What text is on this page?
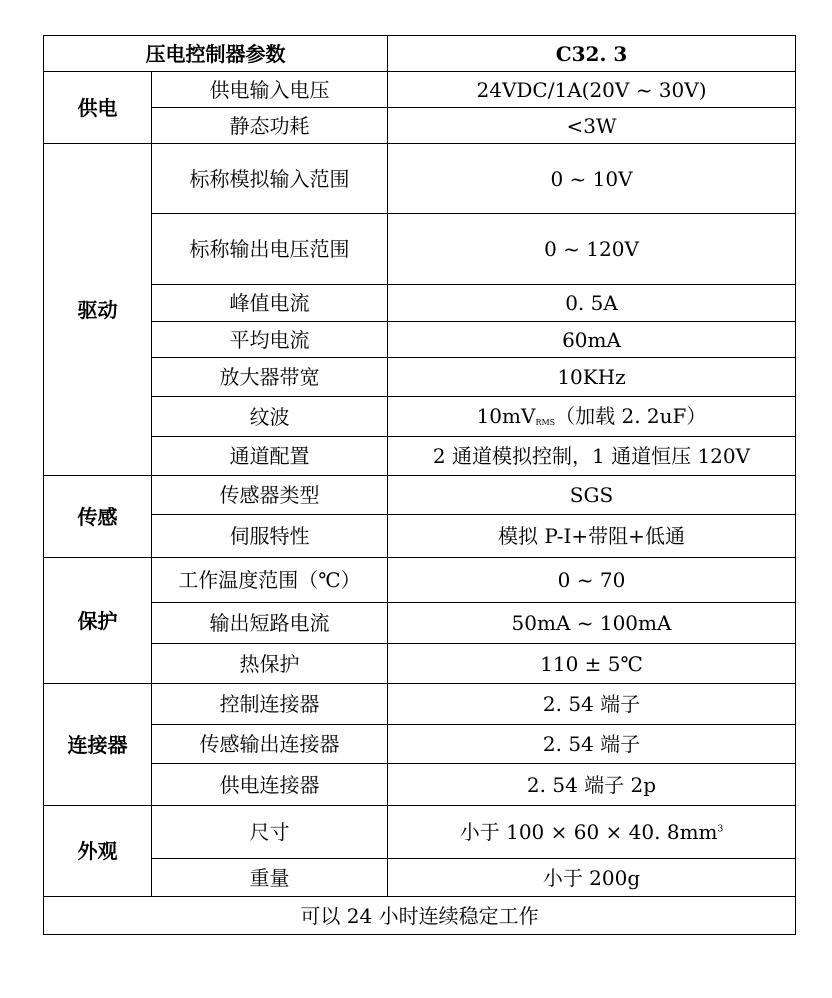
压电控制器参数		C32. 3
供电	供电输入电压	24VDC/1A(20V ~ 30V)
	静态功耗	<3W
驱动	标称模拟输入范围	0 ~ 10V
	标称输出电压范围	0 ~ 120V
	峰值电流	0. 5A
	平均电流	60mA
	放大器带宽	10KHz
	纹波	$10mV_{RMS}$（加载 2. 2uF）
	通道配置	2 通道模拟控制，1 通道恒压 120V
传感	传感器类型	SGS
	伺服特性	模拟 P-I+带阻+低通
保护	工作温度范围（℃）	0 ~ 70
	输出短路电流	50mA ~ 100mA
	热保护	110 ± 5℃
连接器	控制连接器	2. 54 端子
	传感输出连接器	2. 54 端子
	供电连接器	2. 54 端子 2p
外观	尺寸	小于 100 × 60 × 40. $8mm^3$
	重量	小于 200g
可以 24 小时连续稳定工作		
